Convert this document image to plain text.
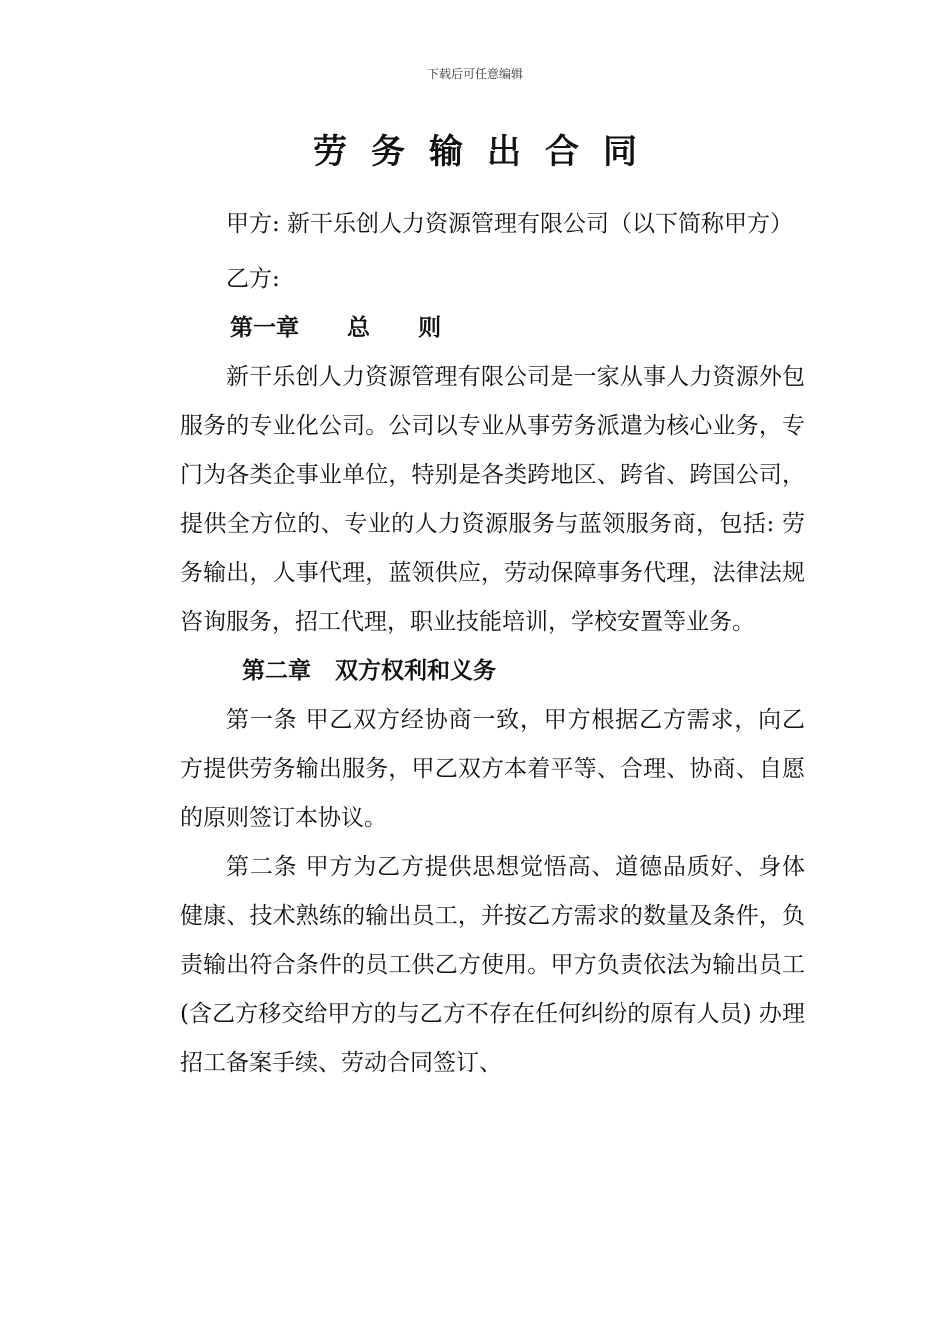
下载后可任意编辑
劳务输出合同

甲方: 新干乐创人力资源管理有限公司（以下简称甲方）

乙方:

第一章      总      则

新干乐创人力资源管理有限公司是一家从事人力资源外包服务的专业化公司。公司以专业从事劳务派遣为核心业务，专门为各类企事业单位，特别是各类跨地区、跨省、跨国公司，提供全方位的、专业的人力资源服务与蓝领服务商，包括: 劳务输出，人事代理，蓝领供应，劳动保障事务代理，法律法规咨询服务，招工代理，职业技能培训，学校安置等业务。

第二章   双方权利和义务

第一条 甲乙双方经协商一致，甲方根据乙方需求，向乙方提供劳务输出服务，甲乙双方本着平等、合理、协商、自愿的原则签订本协议。

第二条 甲方为乙方提供思想觉悟高、道德品质好、身体健康、技术熟练的输出员工，并按乙方需求的数量及条件，负责输出符合条件的员工供乙方使用。甲方负责依法为输出员工(含乙方移交给甲方的与乙方不存在任何纠纷的原有人员) 办理招工备案手续、劳动合同签订、
